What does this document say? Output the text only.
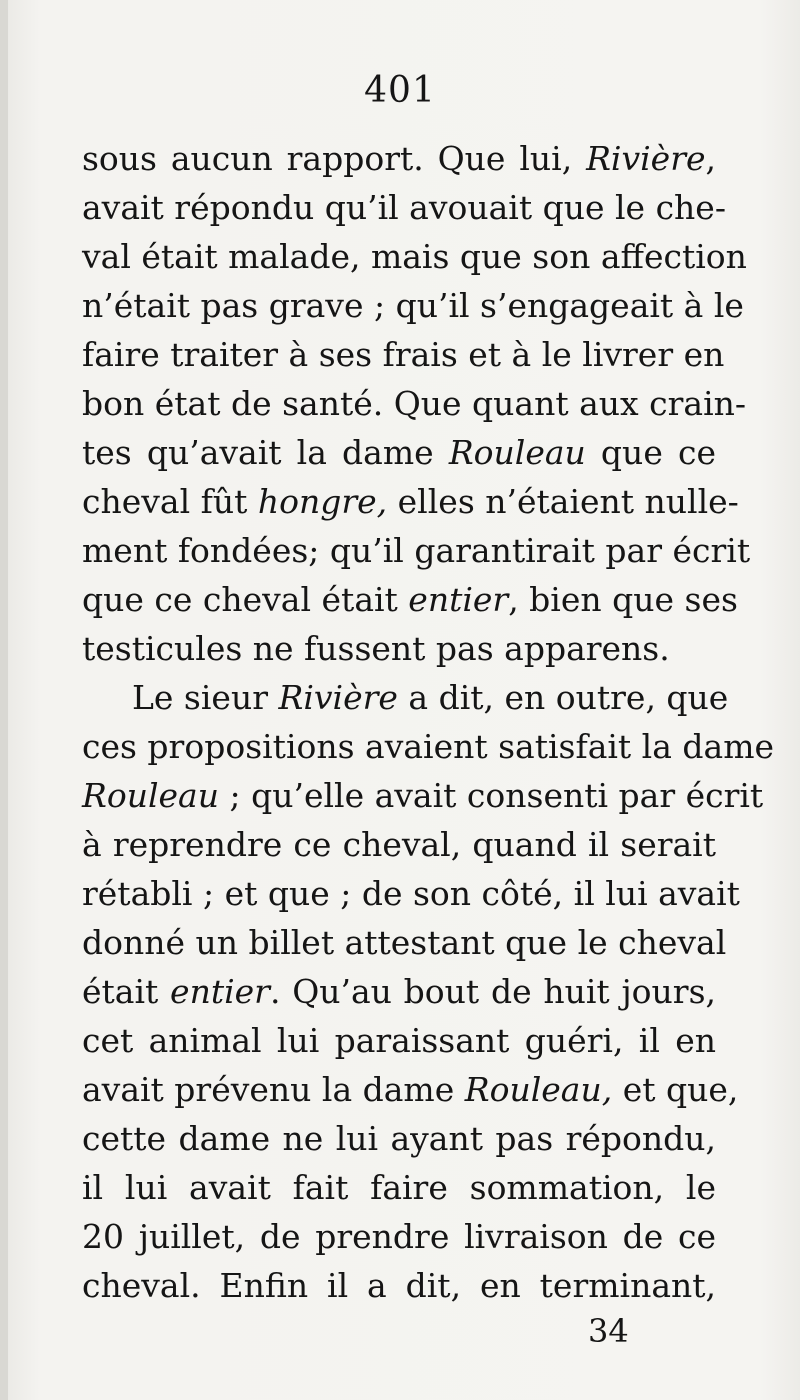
401
sous aucun rapport. Que lui, Rivière,
avait répondu qu’il avouait que le che-
val était malade, mais que son affection
n’était pas grave ; qu’il s’engageait à le
faire traiter à ses frais et à le livrer en
bon état de santé. Que quant aux crain-
tes qu’avait la dame Rouleau que ce
cheval fût hongre, elles n’étaient nulle-
ment fondées; qu’il garantirait par écrit
que ce cheval était entier, bien que ses
testicules ne fussent pas apparens.
Le sieur Rivière a dit, en outre, que
ces propositions avaient satisfait la dame
Rouleau ; qu’elle avait consenti par écrit
à reprendre ce cheval, quand il serait
rétabli ; et que ; de son côté, il lui avait
donné un billet attestant que le cheval
était entier. Qu’au bout de huit jours,
cet animal lui paraissant guéri, il en
avait prévenu la dame Rouleau, et que,
cette dame ne lui ayant pas répondu,
il lui avait fait faire sommation, le
20 juillet, de prendre livraison de ce
cheval. Enfin il a dit, en terminant,
34
